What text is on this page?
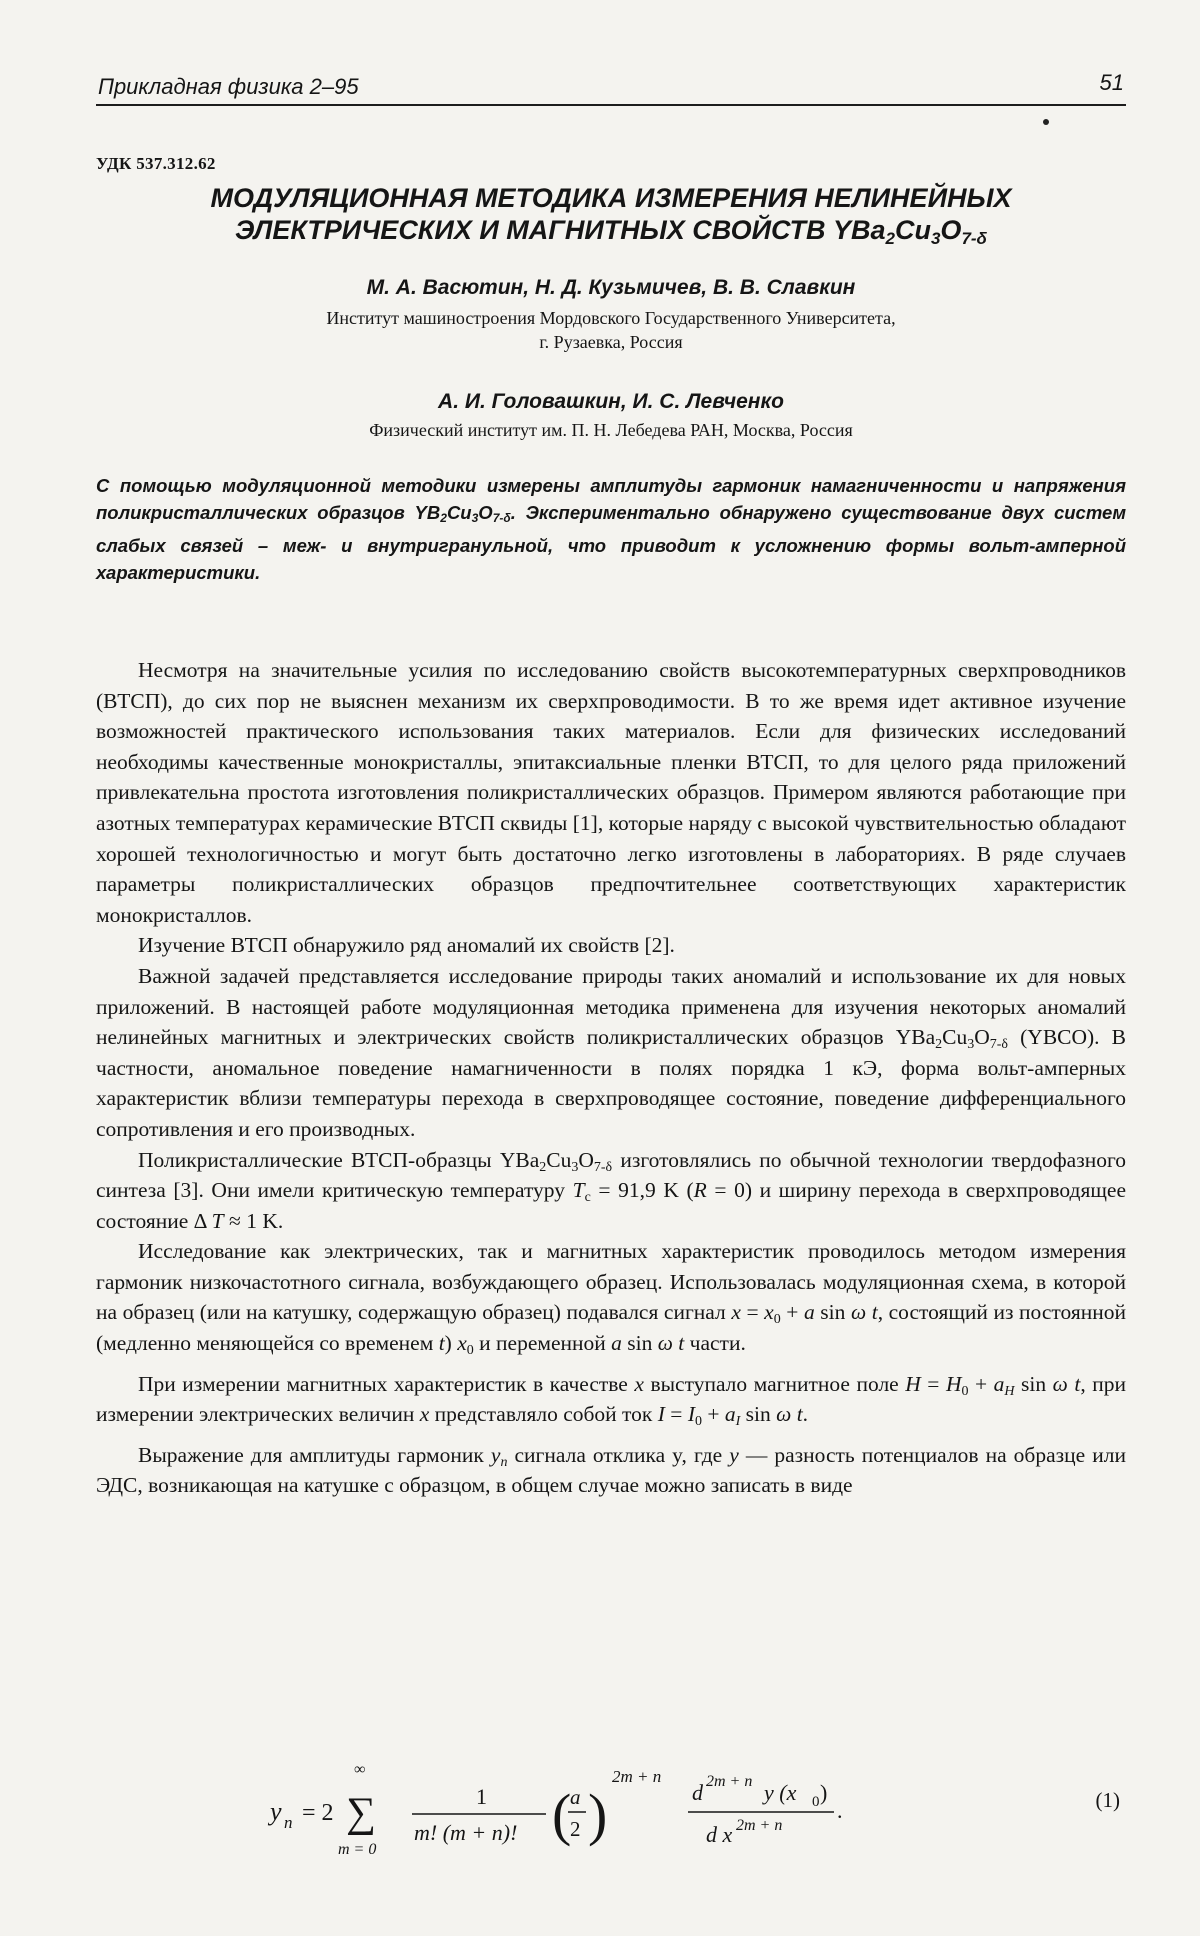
Прикладная физика 2–95	51
УДК 537.312.62
МОДУЛЯЦИОННАЯ МЕТОДИКА ИЗМЕРЕНИЯ НЕЛИНЕЙНЫХ
ЭЛЕКТРИЧЕСКИХ И МАГНИТНЫХ СВОЙСТВ $YBa_2Cu_3O_{7-\delta}$
М. А. Васютин, Н. Д. Кузьмичев, В. В. Славкин
Институт машиностроения Мордовского Государственного Университета,
г. Рузаевка, Россия
А. И. Головашкин, И. С. Левченко
Физический институт им. П. Н. Лебедева РАН, Москва, Россия
С помощью модуляционной методики измерены амплитуды гармоник намагниченности и напряжения поликристаллических образцов $YB_2Cu_3O_{7-\delta}$. Экспериментально обнаружено существование двух систем слабых связей – меж- и внутригранульной, что приводит к усложнению формы вольт-амперной характеристики.

Несмотря на значительные усилия по исследованию свойств высокотемпературных сверхпроводников (ВТСП), до сих пор не выяснен механизм их сверхпроводимости. В то же время идет активное изучение возможностей практического использования таких материалов. Если для физических исследований необходимы качественные монокристаллы, эпитаксиальные пленки ВТСП, то для целого ряда приложений привлекательна простота изготовления поликристаллических образцов. Примером являются работающие при азотных температурах керамические ВТСП сквиды [1], которые наряду с высокой чувствительностью обладают хорошей технологичностью и могут быть достаточно легко изготовлены в лабораториях. В ряде случаев параметры поликристаллических образцов предпочтительнее соответствующих характеристик монокристаллов.

Изучение ВТСП обнаружило ряд аномалий их свойств [2].

Важной задачей представляется исследование природы таких аномалий и использование их для новых приложений. В настоящей работе модуляционная методика применена для изучения некоторых аномалий нелинейных магнитных и электрических свойств поликристаллических образцов $YBa_2Cu_3O_{7-\delta}$ (YBCO). В частности, аномальное поведение намагниченности в полях порядка 1 кЭ, форма вольт-амперных характеристик вблизи температуры перехода в сверхпроводящее состояние, поведение дифференциального сопротивления и его производных.

Поликристаллические ВТСП-образцы $YBa_2Cu_3O_{7-\delta}$ изготовлялись по обычной технологии твердофазного синтеза [3]. Они имели критическую температуру $T_c = 91,9$ K (R = 0) и ширину перехода в сверхпроводящее состояние Δ T ≈ 1 K.

Исследование как электрических, так и магнитных характеристик проводилось методом измерения гармоник низкочастотного сигнала, возбуждающего образец. Использовалась модуляционная схема, в которой на образец (или на катушку, содержащую образец) подавался сигнал $x = x_0 + a$ sin ω t, состоящий из постоянной (медленно меняющейся со временем t) $x_0$ и переменной a sin ω t части.

При измерении магнитных характеристик в качестве x выступало магнитное поле $H = H_0 + a_H$ sin ω t, при измерении электрических величин x представляло собой ток $I = I_0 + a_I$ sin ω t.

Выражение для амплитуды гармоник $y_n$ сигнала отклика y, где y — разность потенциалов на образце или ЭДС, возникающая на катушке с образцом, в общем случае можно записать в виде

y n = 2
∞
∑
m = 0
1
m! (m + n)! (
a
2 )
2m + n
d 2m + n y (x 0 )
d x 2m + n
.	(1)
